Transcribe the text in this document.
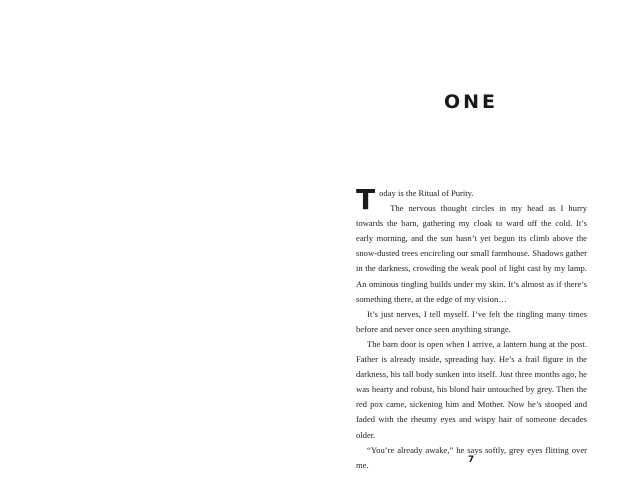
ONE

Today is the Ritual of Purity.

The nervous thought circles in my head as I hurry towards the barn, gathering my cloak to ward off the cold. It’s early morning, and the sun hasn’t yet begun its climb above the snow-dusted trees encircling our small farmhouse. Shadows gather in the darkness, crowding the weak pool of light cast by my lamp. An ominous tingling builds under my skin. It’s almost as if there’s something there, at the edge of my vision…

It’s just nerves, I tell myself. I’ve felt the tingling many times before and never once seen anything strange.

The barn door is open when I arrive, a lantern hung at the post. Father is already inside, spreading hay. He’s a frail figure in the darkness, his tall body sunken into itself. Just three months ago, he was hearty and robust, his blond hair untouched by grey. Then the red pox came, sickening him and Mother. Now he’s stooped and faded with the rheumy eyes and wispy hair of someone decades older.

“You’re already awake,” he says softly, grey eyes flitting over me.	7
